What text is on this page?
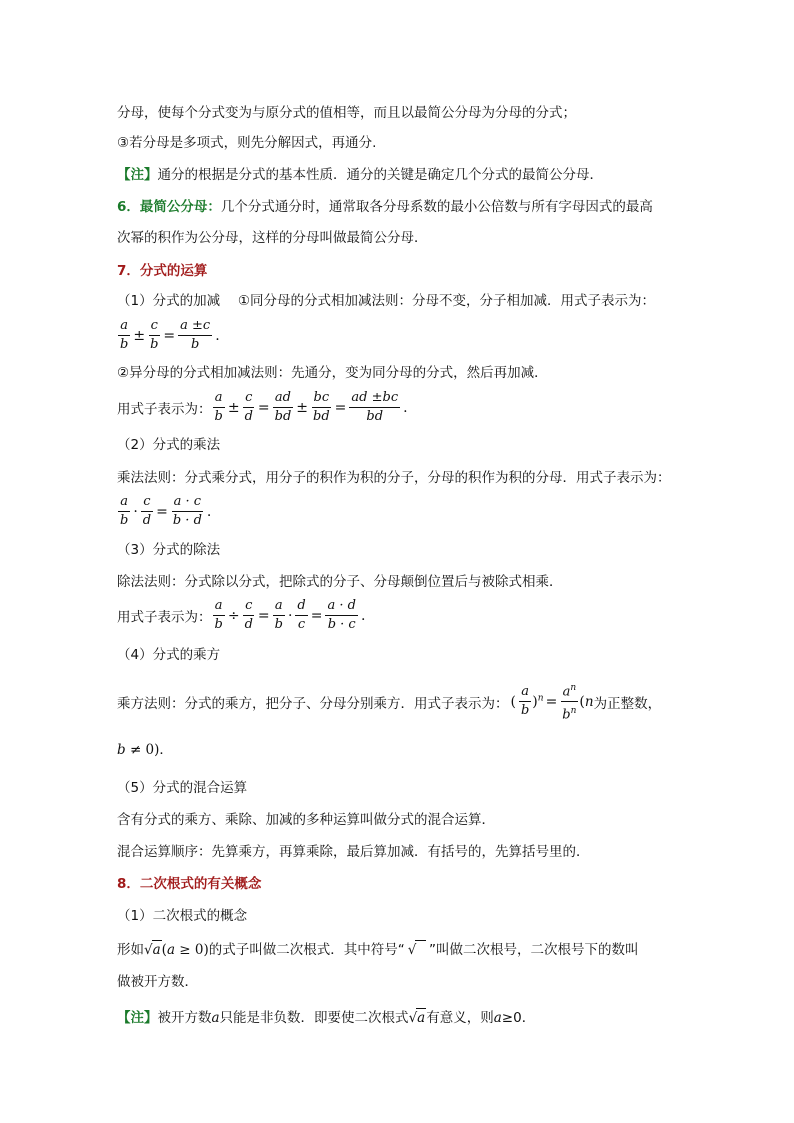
分母，使每个分式变为与原分式的值相等，而且以最简公分母为分母的分式；
③若分母是多项式，则先分解因式，再通分.
【注】通分的根据是分式的基本性质．通分的关键是确定几个分式的最简公分母．
6．最简公分母：几个分式通分时，通常取各分母系数的最小公倍数与所有字母因式的最高
次幂的积作为公分母，这样的分母叫做最简公分母．
7．分式的运算
（1）分式的加减　 ①同分母的分式相加减法则：分母不变，分子相加减．用式子表示为：
$\frac{a}{b} \pm \frac{c}{b} = \frac{a \pm c}{b}$ .
②异分母的分式相加减法则：先通分，变为同分母的分式，然后再加减．
用式子表示为： $\frac{a}{b} \pm \frac{c}{d} = \frac{ad}{bd} \pm \frac{bc}{bd} = \frac{ad \pm bc}{bd}$ .
（2）分式的乘法
乘法法则：分式乘分式，用分子的积作为积的分子，分母的积作为积的分母．用式子表示为：
$\frac{a}{b} \cdot \frac{c}{d} = \frac{a \cdot c}{b \cdot d}$ .
（3）分式的除法
除法法则：分式除以分式，把除式的分子、分母颠倒位置后与被除式相乘．
用式子表示为： $\frac{a}{b} \div \frac{c}{d} = \frac{a}{b} \cdot \frac{d}{c} = \frac{a \cdot d}{b \cdot c}$ .
（4）分式的乘方
乘方法则：分式的乘方，把分子、分母分别乘方．用式子表示为： ( $\frac{a}{b} )^n = \frac{a^n}{b^n} (n$为正整数，
b ≠ 0)．
（5）分式的混合运算
含有分式的乘方、乘除、加减的多种运算叫做分式的混合运算．
混合运算顺序：先算乘方，再算乘除，最后算加减．有括号的，先算括号里的．
8．二次根式的有关概念
（1）二次根式的概念
形如√a(a ≥ 0)的式子叫做二次根式．其中符号“ √ ”叫做二次根号，二次根号下的数叫
做被开方数．
【注】被开方数a只能是非负数．即要使二次根式√a有意义，则a≥0．
